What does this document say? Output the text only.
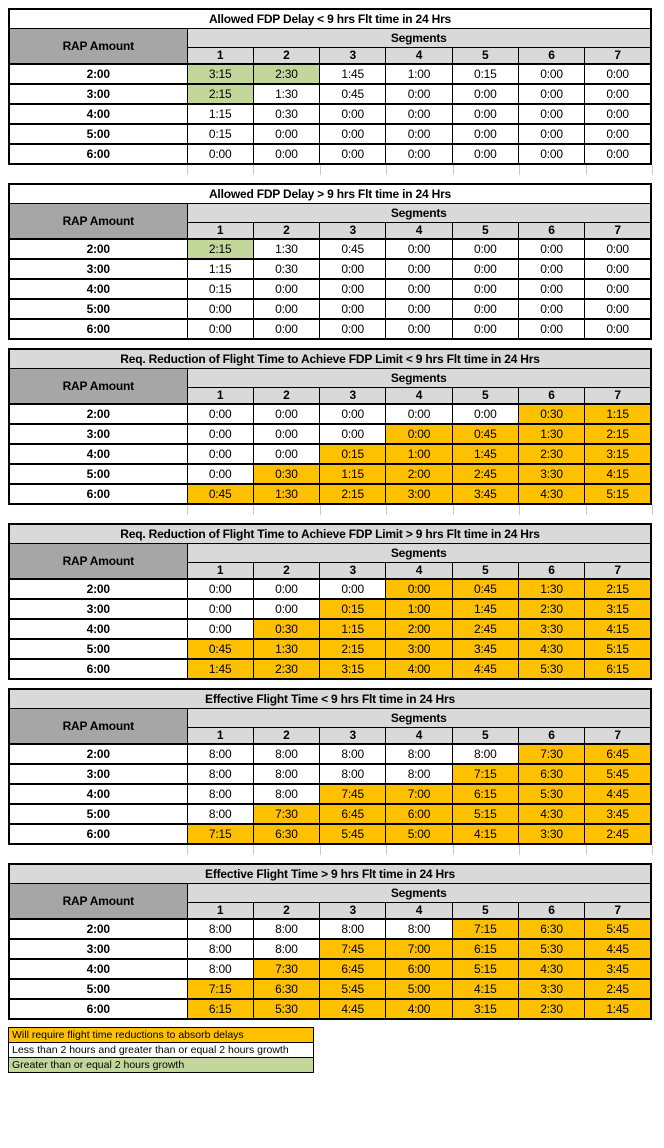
Allowed FDP Delay < 9 hrs Flt time in 24 Hrs							
RAP Amount	Segments						
	1	2	3	4	5	6	7
2:00	3:15	2:30	1:45	1:00	0:15	0:00	0:00
3:00	2:15	1:30	0:45	0:00	0:00	0:00	0:00
4:00	1:15	0:30	0:00	0:00	0:00	0:00	0:00
5:00	0:15	0:00	0:00	0:00	0:00	0:00	0:00
6:00	0:00	0:00	0:00	0:00	0:00	0:00	0:00
Allowed FDP Delay > 9 hrs Flt time in 24 Hrs							
RAP Amount	Segments						
	1	2	3	4	5	6	7
2:00	2:15	1:30	0:45	0:00	0:00	0:00	0:00
3:00	1:15	0:30	0:00	0:00	0:00	0:00	0:00
4:00	0:15	0:00	0:00	0:00	0:00	0:00	0:00
5:00	0:00	0:00	0:00	0:00	0:00	0:00	0:00
6:00	0:00	0:00	0:00	0:00	0:00	0:00	0:00
Req. Reduction of Flight Time to Achieve FDP Limit < 9 hrs Flt time in 24 Hrs							
RAP Amount	Segments						
	1	2	3	4	5	6	7
2:00	0:00	0:00	0:00	0:00	0:00	0:30	1:15
3:00	0:00	0:00	0:00	0:00	0:45	1:30	2:15
4:00	0:00	0:00	0:15	1:00	1:45	2:30	3:15
5:00	0:00	0:30	1:15	2:00	2:45	3:30	4:15
6:00	0:45	1:30	2:15	3:00	3:45	4:30	5:15
Req. Reduction of Flight Time to Achieve FDP Limit > 9 hrs Flt time in 24 Hrs							
RAP Amount	Segments						
	1	2	3	4	5	6	7
2:00	0:00	0:00	0:00	0:00	0:45	1:30	2:15
3:00	0:00	0:00	0:15	1:00	1:45	2:30	3:15
4:00	0:00	0:30	1:15	2:00	2:45	3:30	4:15
5:00	0:45	1:30	2:15	3:00	3:45	4:30	5:15
6:00	1:45	2:30	3:15	4:00	4:45	5:30	6:15
Effective Flight Time < 9 hrs Flt time in 24 Hrs							
RAP Amount	Segments						
	1	2	3	4	5	6	7
2:00	8:00	8:00	8:00	8:00	8:00	7:30	6:45
3:00	8:00	8:00	8:00	8:00	7:15	6:30	5:45
4:00	8:00	8:00	7:45	7:00	6:15	5:30	4:45
5:00	8:00	7:30	6:45	6:00	5:15	4:30	3:45
6:00	7:15	6:30	5:45	5:00	4:15	3:30	2:45
Effective Flight Time > 9 hrs Flt time in 24 Hrs							
RAP Amount	Segments						
	1	2	3	4	5	6	7
2:00	8:00	8:00	8:00	8:00	7:15	6:30	5:45
3:00	8:00	8:00	7:45	7:00	6:15	5:30	4:45
4:00	8:00	7:30	6:45	6:00	5:15	4:30	3:45
5:00	7:15	6:30	5:45	5:00	4:15	3:30	2:45
6:00	6:15	5:30	4:45	4:00	3:15	2:30	1:45
Will require flight time reductions to absorb delays
Less than 2 hours and greater than or equal 2 hours growth
Greater than or equal 2 hours growth
